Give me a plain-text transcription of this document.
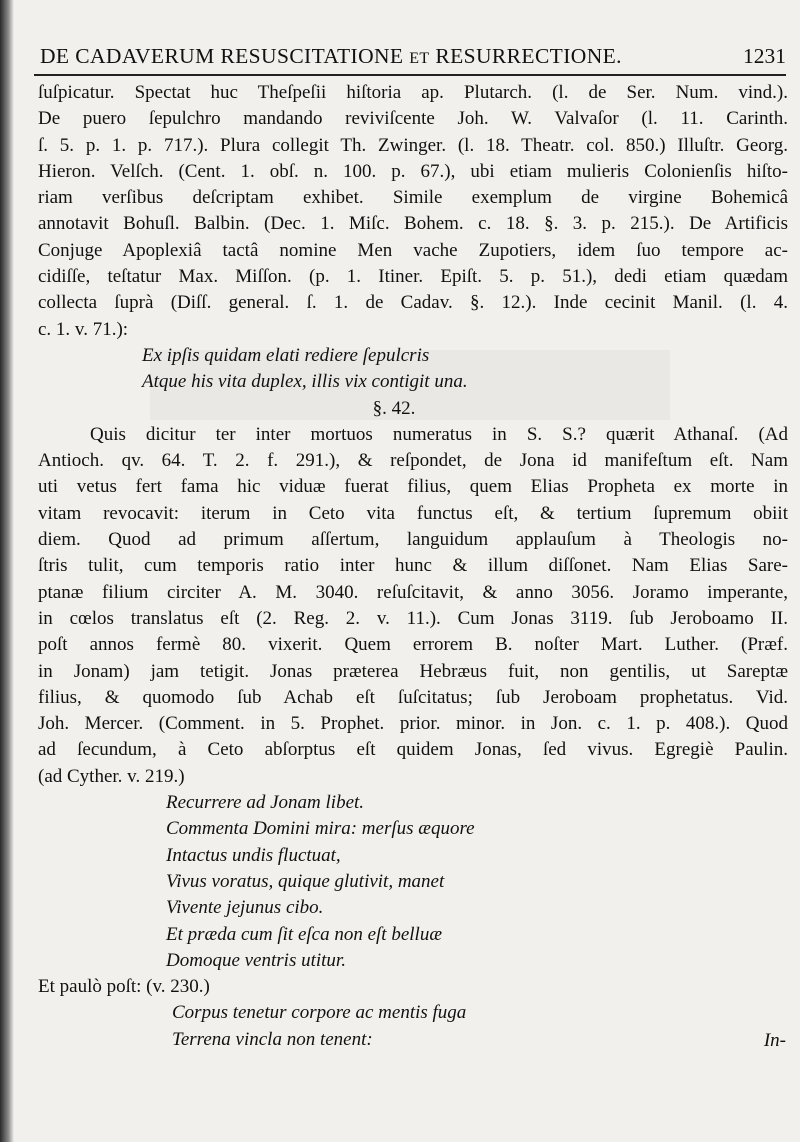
DE CADAVERUM RESUSCITATIONE ET RESURRECTIONE.	1231
ſuſpicatur. Spectat huc Theſpeſii hiſtoria ap. Plutarch. (l. de Ser. Num. vind.).
De puero ſepulchro mandando reviviſcente Joh. W. Valvaſor (l. 11. Carinth.
ſ. 5. p. 1. p. 717.). Plura collegit Th. Zwinger. (l. 18. Theatr. col. 850.) Illuſtr. Georg.
Hieron. Velſch. (Cent. 1. obſ. n. 100. p. 67.), ubi etiam mulieris Colonienſis hiſto-
riam verſibus deſcriptam exhibet. Simile exemplum de virgine Bohemicâ
annotavit Bohuſl. Balbin. (Dec. 1. Miſc. Bohem. c. 18. §. 3. p. 215.). De Artificis
Conjuge Apoplexiâ tactâ nomine Men vache Zupotiers, idem ſuo tempore ac-
cidiſſe, teſtatur Max. Miſſon. (p. 1. Itiner. Epiſt. 5. p. 51.), dedi etiam quædam
collecta ſuprà (Diſſ. general. ſ. 1. de Cadav. §. 12.). Inde cecinit Manil. (l. 4.
c. 1. v. 71.):
Ex ipſis quidam elati rediere ſepulcris
Atque his vita duplex, illis vix contigit una.
§. 42.
Quis dicitur ter inter mortuos numeratus in S. S.? quærit Athanaſ. (Ad
Antioch. qv. 64. T. 2. f. 291.), & reſpondet, de Jona id manifeſtum eſt. Nam
uti vetus fert fama hic viduæ fuerat filius, quem Elias Propheta ex morte in
vitam revocavit: iterum in Ceto vita functus eſt, & tertium ſupremum obiit
diem. Quod ad primum aſſertum, languidum applauſum à Theologis no-
ſtris tulit, cum temporis ratio inter hunc & illum diſſonet. Nam Elias Sare-
ptanæ filium circiter A. M. 3040. reſuſcitavit, & anno 3056. Joramo imperante,
in cœlos translatus eſt (2. Reg. 2. v. 11.). Cum Jonas 3119. ſub Jeroboamo II.
poſt annos fermè 80. vixerit. Quem errorem B. noſter Mart. Luther. (Præf.
in Jonam) jam tetigit. Jonas præterea Hebræus fuit, non gentilis, ut Sareptæ
filius, & quomodo ſub Achab eſt ſuſcitatus; ſub Jeroboam prophetatus. Vid.
Joh. Mercer. (Comment. in 5. Prophet. prior. minor. in Jon. c. 1. p. 408.). Quod
ad ſecundum, à Ceto abſorptus eſt quidem Jonas, ſed vivus. Egregiè Paulin.
(ad Cyther. v. 219.)
Recurrere ad Jonam libet.
Commenta Domini mira: merſus æquore
Intactus undis fluctuat,
Vivus voratus, quique glutivit, manet
Vivente jejunus cibo.
Et præda cum ſit eſca non eſt belluæ
Domoque ventris utitur.
Et paulò poſt: (v. 230.)
Corpus tenetur corpore ac mentis fuga
Terrena vincla non tenent:	In-
